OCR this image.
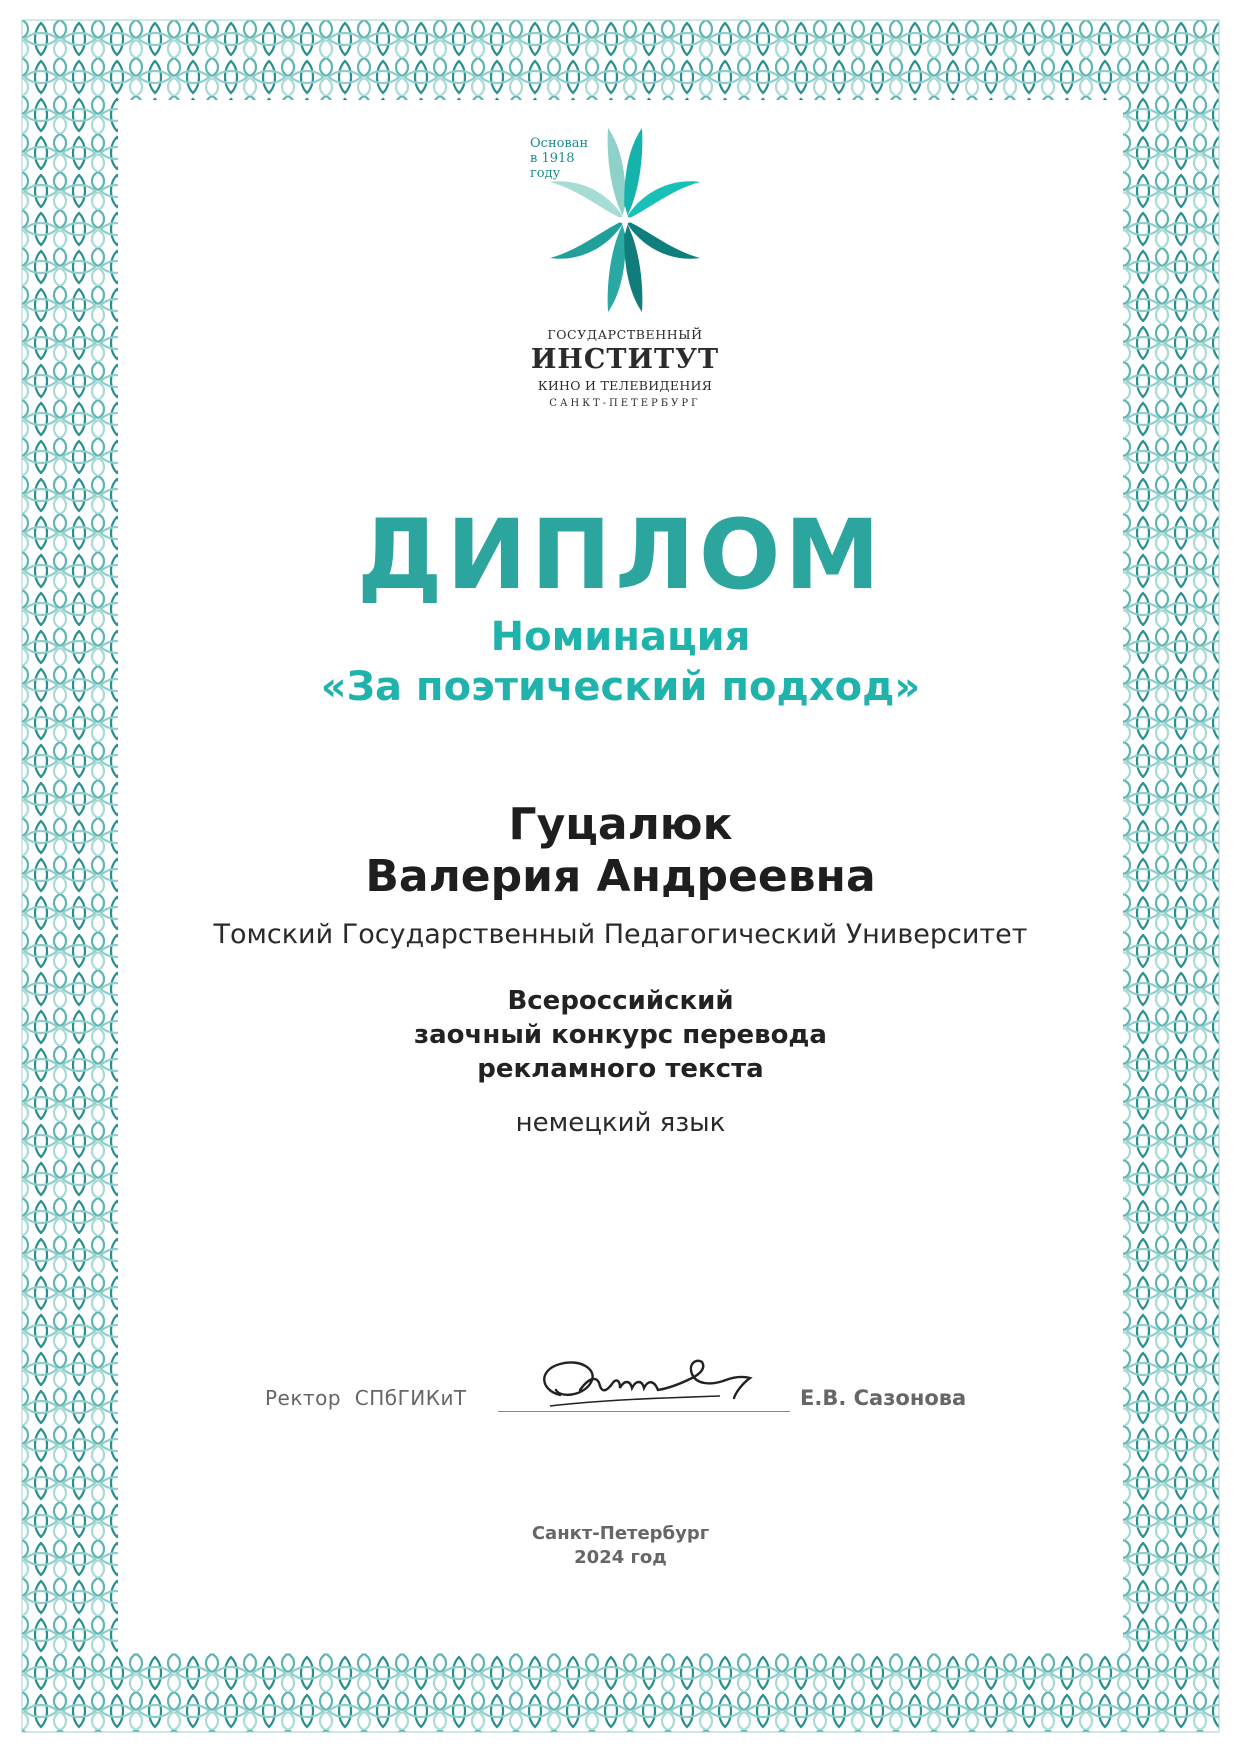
Основан
в 1918
году
ГОСУДАРСТВЕННЫЙ
ИНСТИТУТ
КИНО И ТЕЛЕВИДЕНИЯ
САНКТ-ПЕТЕРБУРГ
ДИПЛОМ
Номинация
«За поэтический подход»
Гуцалюк
Валерия Андреевна
Томский Государственный Педагогический Университет
Всероссийский
заочный конкурс перевода
рекламного текста
немецкий язык
Ректор  СПбГИКиТ	Е.В. Сазонова
Санкт-Петербург
2024 год
